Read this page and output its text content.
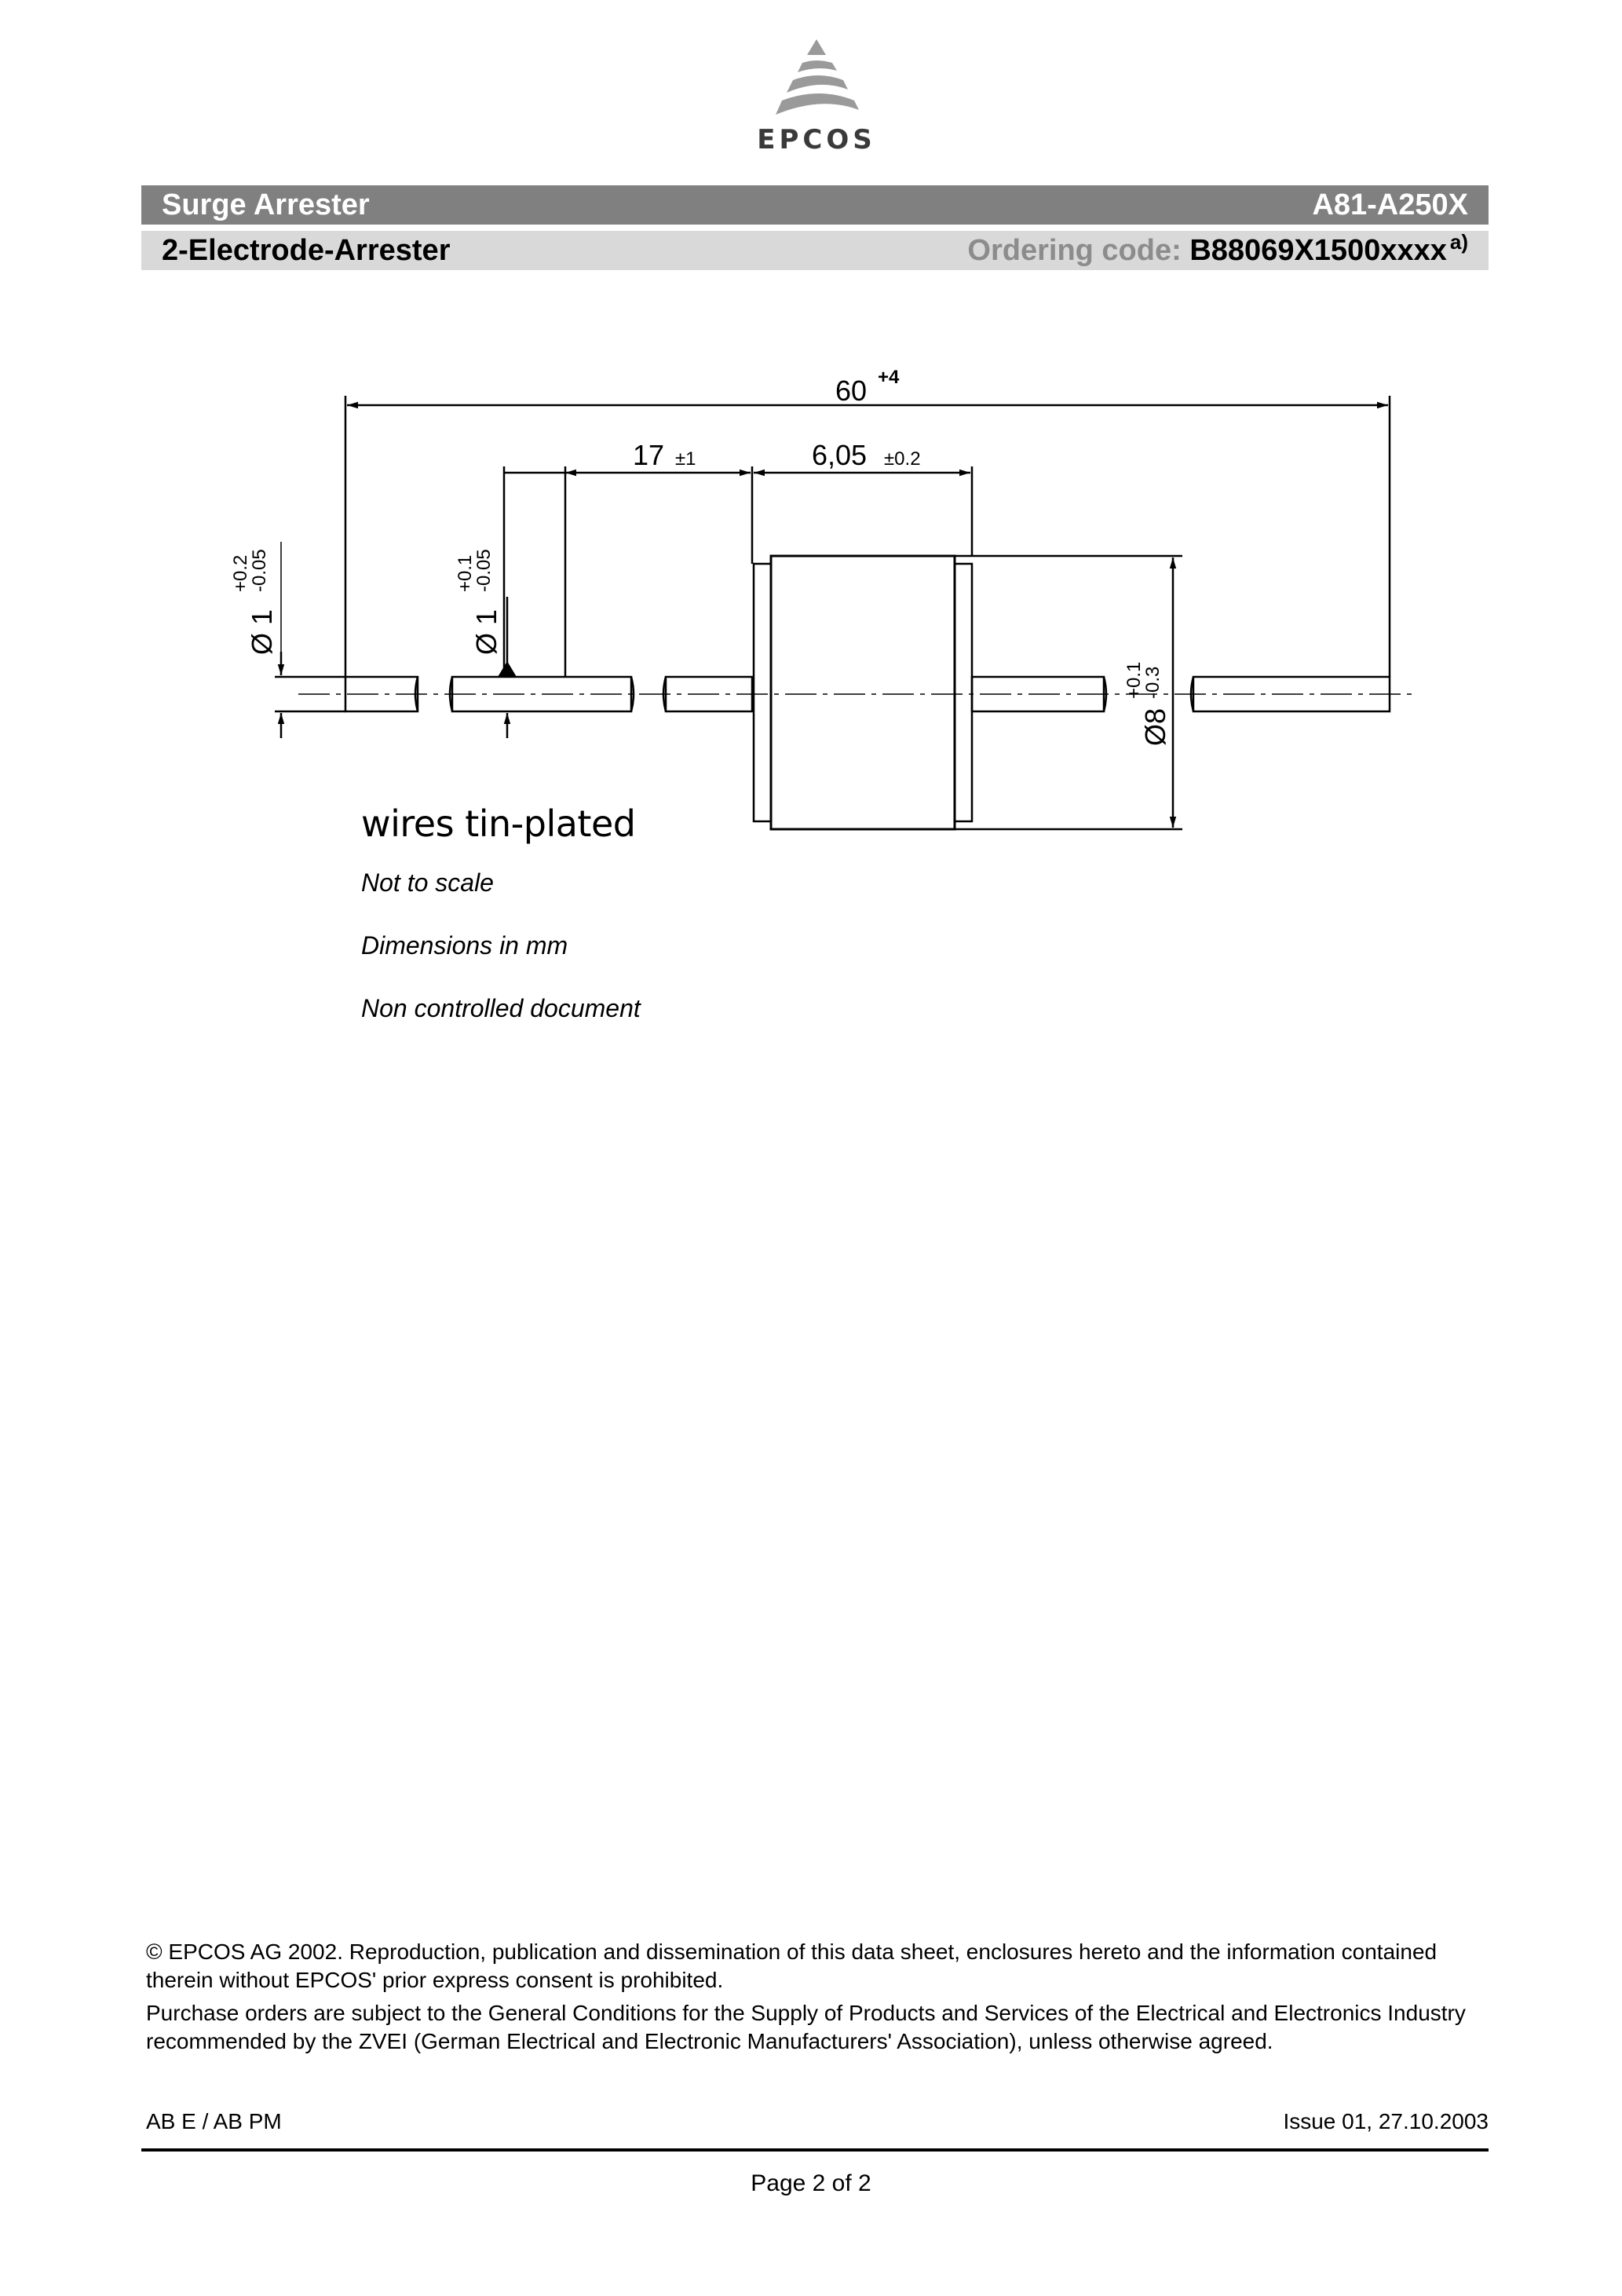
EPCOS
Surge Arrester	A81-A250X
2-Electrode-Arrester	Ordering code: B88069X1500xxxx $^{a)}$
60 +4
17 ±1	6,05 ±0.2
Ø 1
+0.2
-0.05
Ø 1
+0.1
-0.05
Ø8
+0.1
-0.3
wires tin-plated
Not to scale
Dimensions in mm
Non controlled document
© EPCOS AG 2002. Reproduction, publication and dissemination of this data sheet, enclosures hereto and the information contained therein without EPCOS' prior express consent is prohibited.
Purchase orders are subject to the General Conditions for the Supply of Products and Services of the Electrical and Electronics Industry recommended by the ZVEI (German Electrical and Electronic Manufacturers' Association), unless otherwise agreed.
AB E / AB PM	Issue 01, 27.10.2003
Page 2 of 2
